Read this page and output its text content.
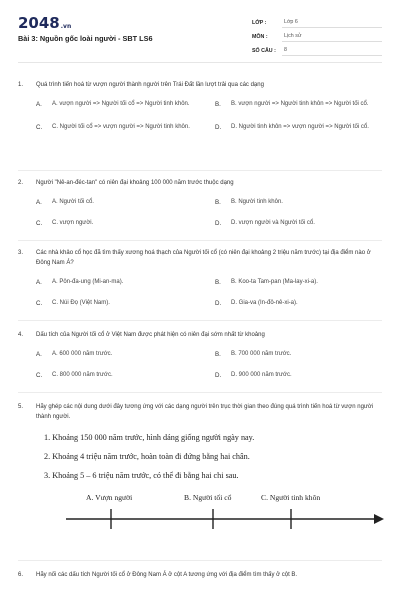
2048.vn
Bài 3: Nguồn gốc loài người - SBT LS6
LỚP :	Lớp 6
MÔN :	Lịch sử
SỐ CÂU :	8
1.	Quá trình tiến hoá từ vượn người thành người trên Trái Đất lần lượt trải qua các dạng
A.	A. vượn người => Người tối cổ => Người tinh khôn.	B.	B. vượn người => Người tinh khôn => Người tối cổ.
C.	C. Người tối cổ => vượn người => Người tinh khôn.	D.	D. Người tinh khôn => vượn người => Người tối cổ.
2.	Người "Nê-an-đéc-tan" có niên đại khoảng 100 000 năm trước thuộc dạng
A.	A. Người tối cổ.	B.	B. Người tinh khôn.
C.	C. vượn người.	D.	D. vượn người và Người tối cổ.
3.	Các nhà khảo cổ học đã tìm thấy xương hoá thạch của Người tối cổ (có niên đại khoảng 2 triệu năm trước) tại địa điểm nào ở Đông Nam Á?
A.	A. Pôn-đa-ung (Mi-an-ma).	B.	B. Koo-ta Tam-pan (Ma-lay-xi-a).
C.	C. Núi Đọ (Việt Nam).	D.	D. Gia-va (In-đô-nê-xi-a).
4.	Dấu tích của Người tối cổ ở Việt Nam được phát hiện có niên đại sớm nhất từ khoảng
A.	A. 600 000 năm trước.	B.	B. 700 000 năm trước.
C.	C. 800 000 năm trước.	D.	D. 900 000 năm trước.
5.	Hãy ghép các nội dung dưới đây tương ứng với các dạng người trên trục thời gian theo đúng quá trình tiến hoá từ vượn người thành người.
1. Khoảng 150 000 năm trước, hình dáng giống người ngày nay.
2. Khoảng 4 triệu năm trước, hoàn toàn đi đứng bằng hai chân.
3. Khoảng 5 – 6 triệu năm trước, có thể đi bằng hai chi sau.
A. Vượn người	B. Người tối cổ	C. Người tinh khôn
6.	Hãy nối các dấu tích Người tối cổ ở Đông Nam Á ở cột A tương ứng với địa điểm tìm thấy ở cột B.
